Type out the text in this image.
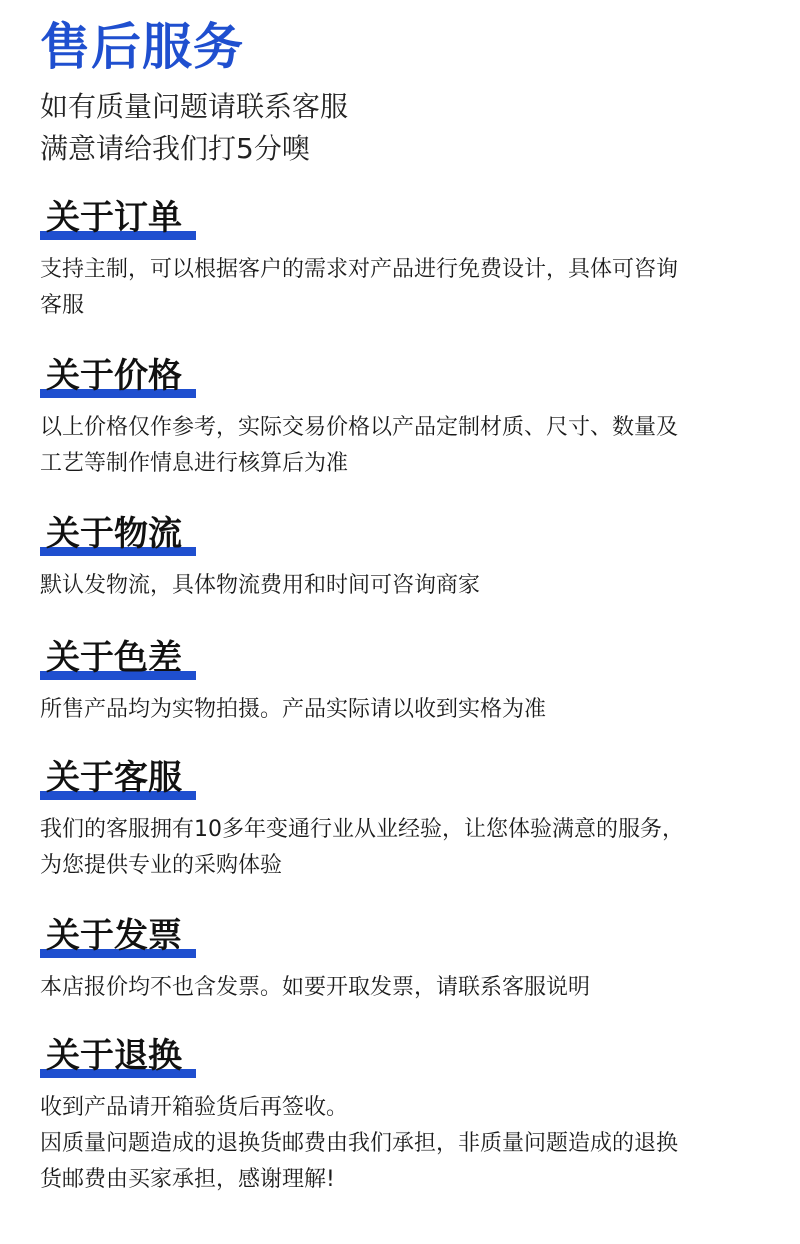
售后服务
如有质量问题请联系客服
满意请给我们打5分噢
关于订单
支持主制，可以根据客户的需求对产品进行免费设计，具体可咨询
客服
关于价格
以上价格仅作参考，实际交易价格以产品定制材质、尺寸、数量及
工艺等制作情息进行核算后为准
关于物流
默认发物流，具体物流费用和时间可咨询商家
关于色差
所售产品均为实物拍摄。产品实际请以收到实格为准
关于客服
我们的客服拥有10多年变通行业从业经验，让您体验满意的服务，
为您提供专业的采购体验
关于发票
本店报价均不也含发票。如要开取发票，请联系客服说明
关于退换
收到产品请开箱验货后再签收。
因质量问题造成的退换货邮费由我们承担，非质量问题造成的退换
货邮费由买家承担，感谢理解!
